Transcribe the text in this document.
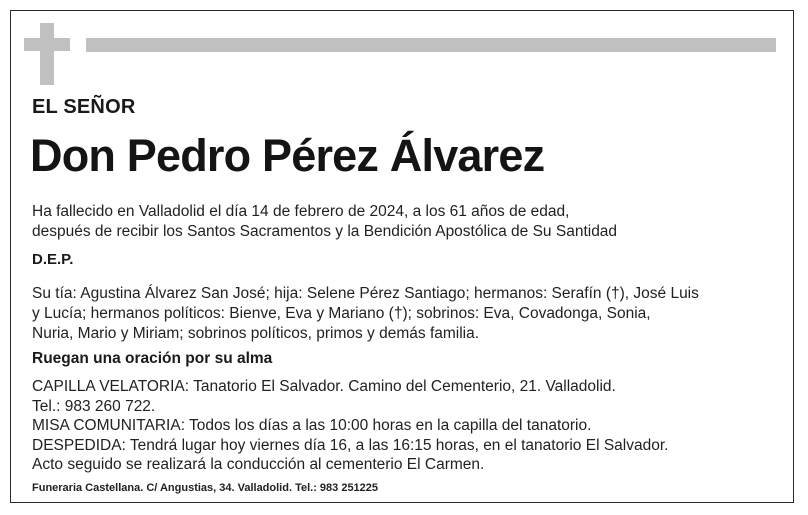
EL SEÑOR
Don Pedro Pérez Álvarez
Ha fallecido en Valladolid el día 14 de febrero de 2024, a los 61 años de edad,
después de recibir los Santos Sacramentos y la Bendición Apostólica de Su Santidad
D.E.P.
Su tía: Agustina Álvarez San José; hija: Selene Pérez Santiago; hermanos: Serafín (†), José Luis
y Lucía; hermanos políticos: Bienve, Eva y Mariano (†); sobrinos: Eva, Covadonga, Sonia,
Nuria, Mario y Miriam; sobrinos políticos, primos y demás familia.
Ruegan una oración por su alma
CAPILLA VELATORIA: Tanatorio El Salvador. Camino del Cementerio, 21. Valladolid.
Tel.: 983 260 722.
MISA COMUNITARIA: Todos los días a las 10:00 horas en la capilla del tanatorio.
DESPEDIDA: Tendrá lugar hoy viernes día 16, a las 16:15 horas, en el tanatorio El Salvador.
Acto seguido se realizará la conducción al cementerio El Carmen.
Funeraria Castellana. C/ Angustias, 34. Valladolid. Tel.: 983 251225
